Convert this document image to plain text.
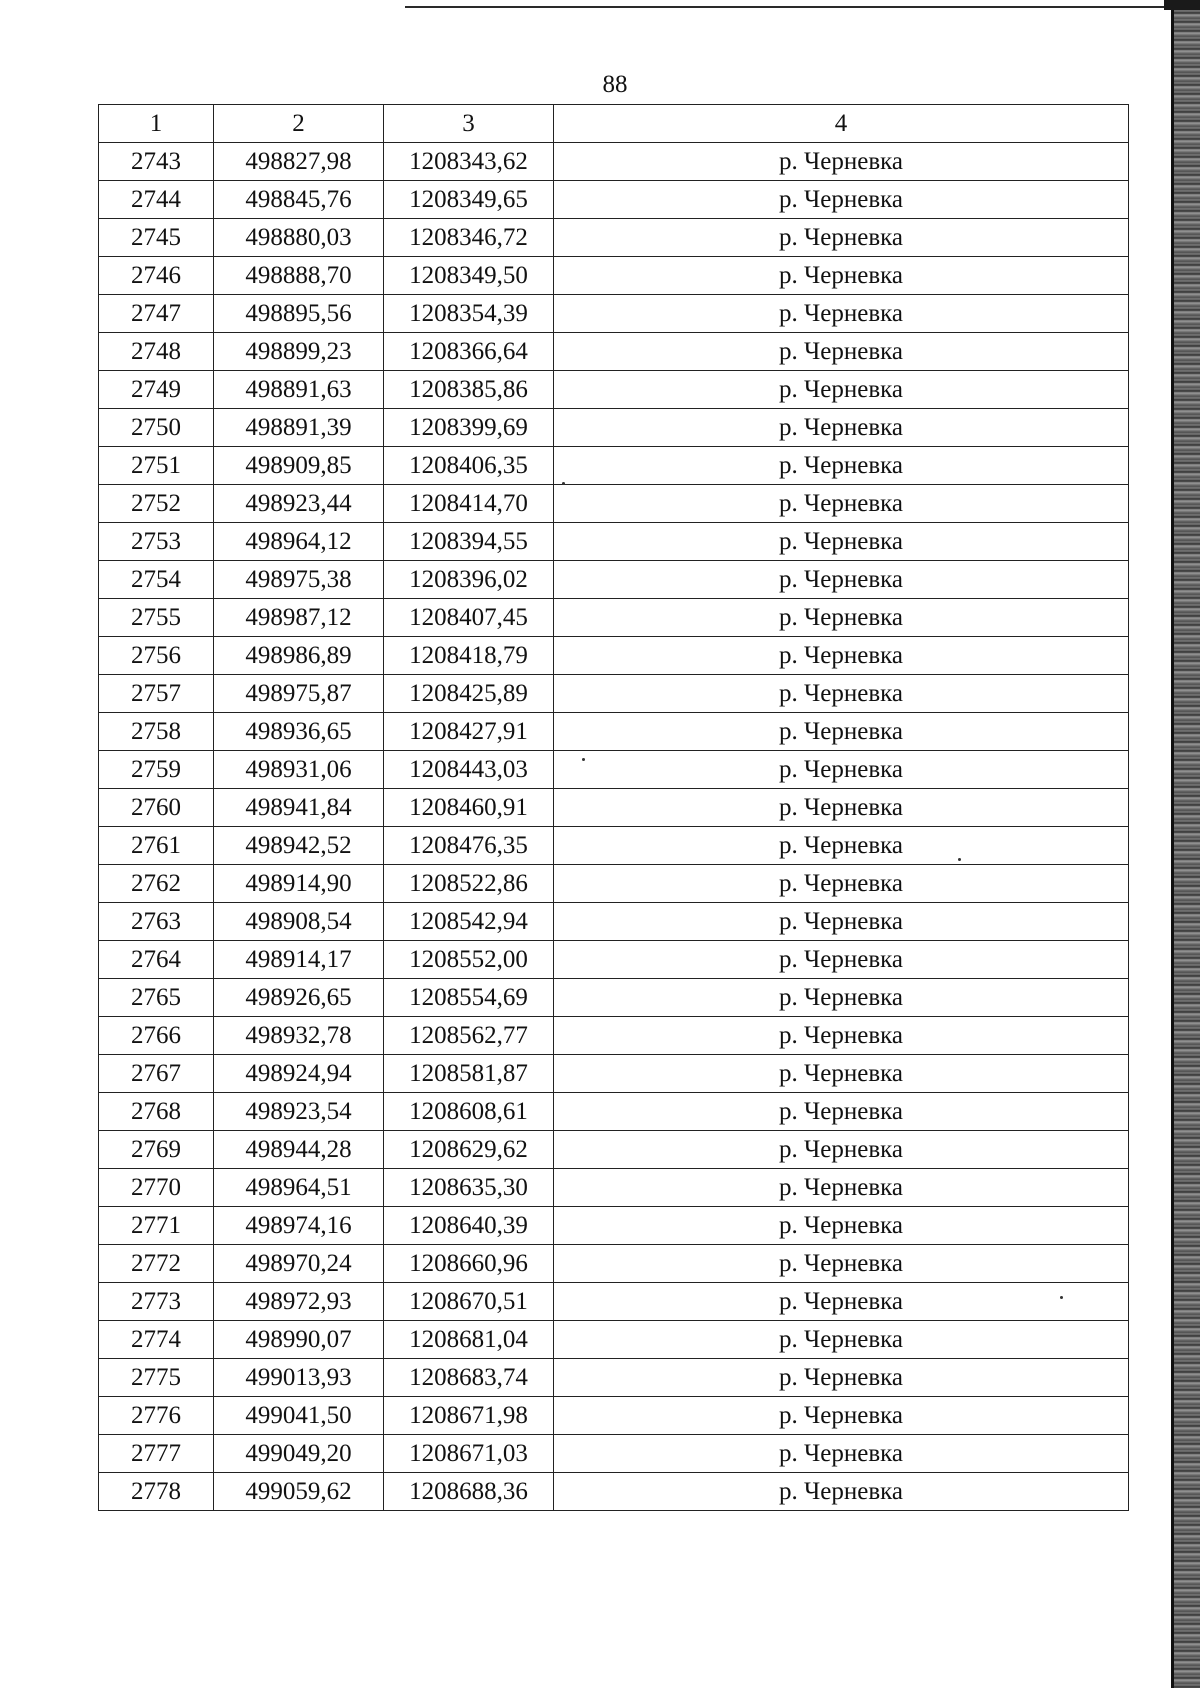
88
1	2	3	4
2743	498827,98	1208343,62	р. Черневка
2744	498845,76	1208349,65	р. Черневка
2745	498880,03	1208346,72	р. Черневка
2746	498888,70	1208349,50	р. Черневка
2747	498895,56	1208354,39	р. Черневка
2748	498899,23	1208366,64	р. Черневка
2749	498891,63	1208385,86	р. Черневка
2750	498891,39	1208399,69	р. Черневка
2751	498909,85	1208406,35	р. Черневка
2752	498923,44	1208414,70	р. Черневка
2753	498964,12	1208394,55	р. Черневка
2754	498975,38	1208396,02	р. Черневка
2755	498987,12	1208407,45	р. Черневка
2756	498986,89	1208418,79	р. Черневка
2757	498975,87	1208425,89	р. Черневка
2758	498936,65	1208427,91	р. Черневка
2759	498931,06	1208443,03	р. Черневка
2760	498941,84	1208460,91	р. Черневка
2761	498942,52	1208476,35	р. Черневка
2762	498914,90	1208522,86	р. Черневка
2763	498908,54	1208542,94	р. Черневка
2764	498914,17	1208552,00	р. Черневка
2765	498926,65	1208554,69	р. Черневка
2766	498932,78	1208562,77	р. Черневка
2767	498924,94	1208581,87	р. Черневка
2768	498923,54	1208608,61	р. Черневка
2769	498944,28	1208629,62	р. Черневка
2770	498964,51	1208635,30	р. Черневка
2771	498974,16	1208640,39	р. Черневка
2772	498970,24	1208660,96	р. Черневка
2773	498972,93	1208670,51	р. Черневка
2774	498990,07	1208681,04	р. Черневка
2775	499013,93	1208683,74	р. Черневка
2776	499041,50	1208671,98	р. Черневка
2777	499049,20	1208671,03	р. Черневка
2778	499059,62	1208688,36	р. Черневка
